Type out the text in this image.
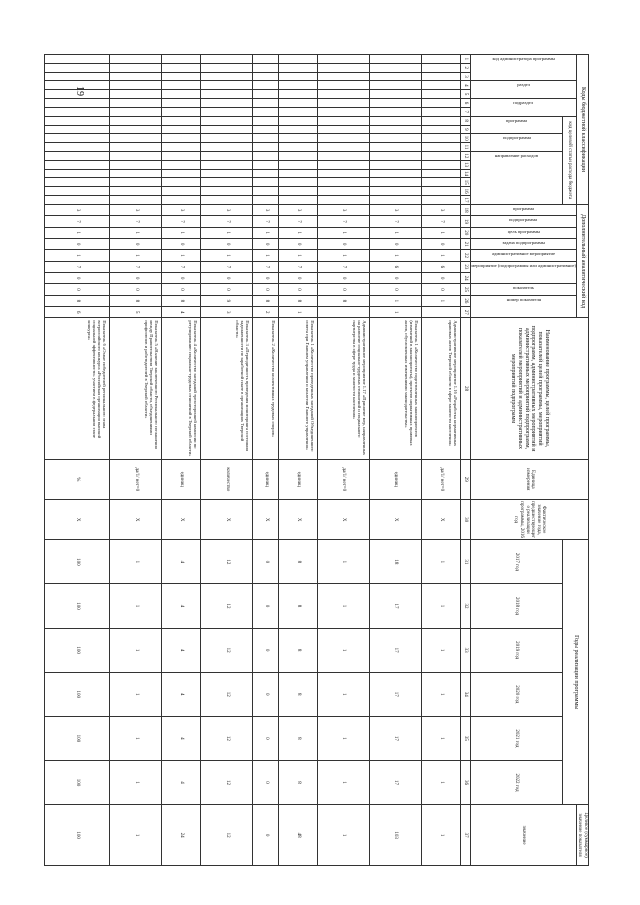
19	Коды бюджетной классификации																	Дополнительный аналитический код										Наименование программы, целей программы, показателей целей программы, мероприятий подпрограмм, административных мероприятий и административных мероприятий подпрограмм, показателей мероприятий и административных мероприятий подпрограмм	Единица измерения	Фактическое значение года, предшествующего реализации программы, 2016 год	Годы реализации программы						Целевое (суммарное) значение показателя

код администратора программы			раздел		подраздел		код целевой статьи расхода бюджета										программа	подпрограмма	цель программы	задача подпрограммы	административное мероприятие	мероприятие (подпрограммы или административное)		показатель	номер показателя											значение

							программа		подпрограмма		направление расходов																			2017 год	2018 год	2019 год	2020 год	2021 год	2022 год	
1	2	3	4	5	6	7	8	9	10	11	12	13	14	15	16	17	18	19	20	21	22	23	24	25	26	27	28	29	30	31	32	33	34	35	36	37
																	3	7	1	0	1	6	0	0	1		Административное мероприятие 1.16 «Разработка нормативных правовых актов Тверской области в сфере занятости населения»	да/1/ нет=0	Х	1	1	1	1	1	1	1
																	3	7	1	0	1	6	0	0	1	1	Показатель 1 «Количество подготовленных законопроектов (изменений в законопроекты), проектов нормативных правовых актов, обусловленных изменениями законодательства»	единиц	Х	18	17	17	17	17	17	103
																	3	7	1	0	1	7	0	0	8		Административное мероприятие 1.17 «Принятие мер, направленных на развитие социально-трудовых отношений и социального партнерства в сфере труда и занятости населения»	да/1/ нет=0	Х	1	1	1	1	1	1	1
																	3	7	1	0	1	7	0	0	8	1	Показатель 1 «Количество проведенных заседаний Объединенного совета при Главном управлении и коллегии Главного управления»	единиц	Х	8	8	8	8	8	8	48
																	3	7	1	0	1	7	0	0	8	2	Показатель 2 «Количество коллективных трудовых споров»	единиц	Х	0	0	0	0	0	0	0
																	3	7	1	0	1	7	0	0	9	3	Показатель 3 «Периодичность проведения мониторинга состояния задолженности по заработной плате в организациях Тверской области»	количество	Х	12	12	12	12	12	12	12
																	3	7	1	0	1	7	0	0	8	4	Показатель 4 «Количество заседаний трехсторонней комиссии по регулированию социально-трудовых отношений в Тверской области»	единиц	Х	4	4	4	4	4	4	24
																	3	7	1	0	1	7	0	0	8	5	Показатель 5 «Наличие заключенного Регионального соглашения между Правительством Тверской области, объединениями профсоюзов и работодателей в Тверской области»	да/1/ нет=0	Х	1	1	1	1	1	1	1
																	3	7	1	0	1	7	0	0	8	6	Показатель 6 «Охват победителей регионального этапа всероссийского конкурса «Российская организация высокой социальной эффективности» участием в федеральном этапе конкурса»	%	Х	100	100	100	100	100	100	100
